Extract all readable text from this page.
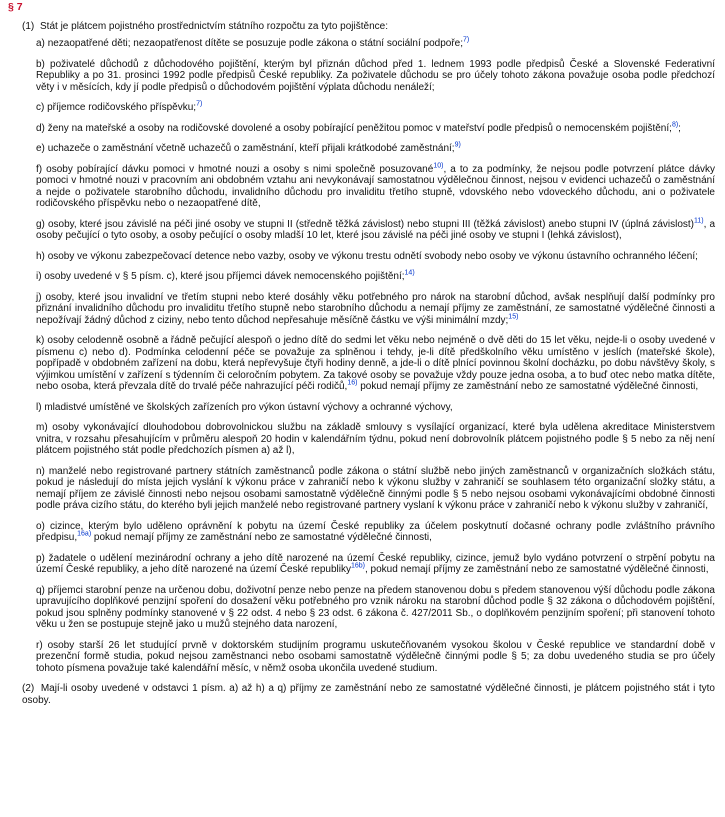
§ 7
(1) Stát je plátcem pojistného prostřednictvím státního rozpočtu za tyto pojištěnce:
a) nezaopatřené děti; nezaopatřenost dítěte se posuzuje podle zákona o státní sociální podpoře;$^{7)}$
b) poživatelé důchodů z důchodového pojištění, kterým byl přiznán důchod před 1. lednem 1993 podle předpisů České a Slovenské Federativní Republiky a po 31. prosinci 1992 podle předpisů České republiky. Za poživatele důchodu se pro účely tohoto zákona považuje osoba podle předchozí věty i v měsících, kdy jí podle předpisů o důchodovém pojištění výplata důchodu nenáleží;
c) příjemce rodičovského příspěvku;$^{7)}$
d) ženy na mateřské a osoby na rodičovské dovolené a osoby pobírající peněžitou pomoc v mateřství podle předpisů o nemocenském pojištění;$^{8)}$;
e) uchazeče o zaměstnání včetně uchazečů o zaměstnání, kteří přijali krátkodobé zaměstnání;$^{9)}$
f) osoby pobírající dávku pomoci v hmotné nouzi a osoby s nimi společně posuzované$^{10)}$, a to za podmínky, že nejsou podle potvrzení plátce dávky pomoci v hmotné nouzi v pracovním ani obdobném vztahu ani nevykonávají samostatnou výdělečnou činnost, nejsou v evidenci uchazečů o zaměstnání a nejde o poživatele starobního důchodu, invalidního důchodu pro invaliditu třetího stupně, vdovského nebo vdoveckého důchodu, ani o poživatele rodičovského příspěvku nebo o nezaopatřené dítě,
g) osoby, které jsou závislé na péči jiné osoby ve stupni II (středně těžká závislost) nebo stupni III (těžká závislost) anebo stupni IV (úplná závislost)$^{11)}$, a osoby pečující o tyto osoby, a osoby pečující o osoby mladší 10 let, které jsou závislé na péči jiné osoby ve stupni I (lehká závislost),
h) osoby ve výkonu zabezpečovací detence nebo vazby, osoby ve výkonu trestu odnětí svobody nebo osoby ve výkonu ústavního ochranného léčení;
i) osoby uvedené v § 5 písm. c), které jsou příjemci dávek nemocenského pojištění;$^{14)}$
j) osoby, které jsou invalidní ve třetím stupni nebo které dosáhly věku potřebného pro nárok na starobní důchod, avšak nesplňují další podmínky pro přiznání invalidního důchodu pro invaliditu třetího stupně nebo starobního důchodu a nemají příjmy ze zaměstnání, ze samostatné výdělečné činnosti a nepožívají žádný důchod z ciziny, nebo tento důchod nepřesahuje měsíčně částku ve výši minimální mzdy;$^{15)}$
k) osoby celodenně osobně a řádně pečující alespoň o jedno dítě do sedmi let věku nebo nejméně o dvě děti do 15 let věku, nejde-li o osoby uvedené v písmenu c) nebo d). Podmínka celodenní péče se považuje za splněnou i tehdy, je-li dítě předškolního věku umístěno v jeslích (mateřské škole), popřípadě v obdobném zařízení na dobu, která nepřevyšuje čtyři hodiny denně, a jde-li o dítě plnící povinnou školní docházku, po dobu návštěvy školy, s výjimkou umístění v zařízení s týdenním či celoročním pobytem. Za takové osoby se považuje vždy pouze jedna osoba, a to buď otec nebo matka dítěte, nebo osoba, která převzala dítě do trvalé péče nahrazující péči rodičů,$^{16)}$ pokud nemají příjmy ze zaměstnání nebo ze samostatné výdělečné činnosti,
l) mladistvé umístěné ve školských zařízeních pro výkon ústavní výchovy a ochranné výchovy,
m) osoby vykonávající dlouhodobou dobrovolnickou službu na základě smlouvy s vysílající organizací, které byla udělena akreditace Ministerstvem vnitra, v rozsahu přesahujícím v průměru alespoň 20 hodin v kalendářním týdnu, pokud není dobrovolník plátcem pojistného podle § 5 nebo za něj není plátcem pojistného stát podle předchozích písmen a) až l),
n) manželé nebo registrované partnery státních zaměstnanců podle zákona o státní službě nebo jiných zaměstnanců v organizačních složkách státu, pokud je následují do místa jejich vyslání k výkonu práce v zahraničí nebo k výkonu služby v zahraničí se souhlasem této organizační složky státu, a nemají příjem ze závislé činnosti nebo nejsou osobami samostatně výdělečně činnými podle § 5 nebo nejsou osobami vykonávajícími obdobné činnosti podle práva cizího státu, do kterého byli jejich manželé nebo registrované partnery vyslaní k výkonu práce v zahraničí nebo k výkonu služby v zahraničí,
o) cizince, kterým bylo uděleno oprávnění k pobytu na území České republiky za účelem poskytnutí dočasné ochrany podle zvláštního právního předpisu,$^{16a)}$ pokud nemají příjmy ze zaměstnání nebo ze samostatné výdělečné činnosti,
p) žadatele o udělení mezinárodní ochrany a jeho dítě narozené na území České republiky, cizince, jemuž bylo vydáno potvrzení o strpění pobytu na území České republiky, a jeho dítě narozené na území České republiky$^{16b)}$, pokud nemají příjmy ze zaměstnání nebo ze samostatné výdělečné činnosti,
q) příjemci starobní penze na určenou dobu, doživotní penze nebo penze na předem stanovenou dobu s předem stanovenou výší důchodu podle zákona upravujícího doplňkové penzijní spoření do dosažení věku potřebného pro vznik nároku na starobní důchod podle § 32 zákona o důchodovém pojištění, pokud jsou splněny podmínky stanovené v § 22 odst. 4 nebo § 23 odst. 6 zákona č. 427/2011 Sb., o doplňkovém penzijním spoření; při stanovení tohoto věku u žen se postupuje stejně jako u mužů stejného data narození,
r) osoby starší 26 let studující prvně v doktorském studijním programu uskutečňovaném vysokou školou v České republice ve standardní době v prezenční formě studia, pokud nejsou zaměstnanci nebo osobami samostatně výdělečně činnými podle § 5; za dobu uvedeného studia se pro účely tohoto písmena považuje také kalendářní měsíc, v němž osoba ukončila uvedené studium.
(2) Mají-li osoby uvedené v odstavci 1 písm. a) až h) a q) příjmy ze zaměstnání nebo ze samostatné výdělečné činnosti, je plátcem pojistného stát i tyto osoby.
